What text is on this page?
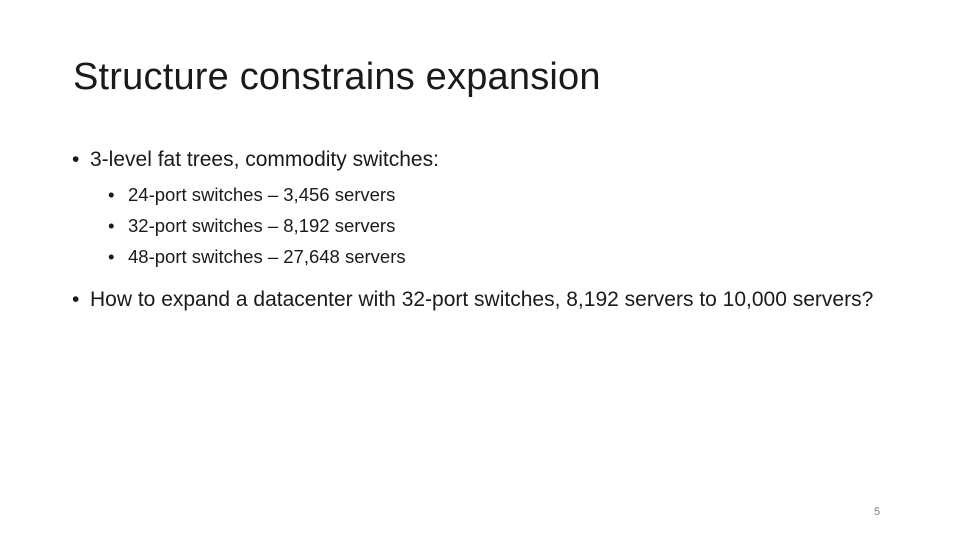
Structure constrains expansion

• 3-level fat trees, commodity switches:

• 24-port switches – 3,456 servers

• 32-port switches – 8,192 servers

• 48-port switches – 27,648 servers

• How to expand a datacenter with 32-port switches, 8,192 servers to 10,000 servers?

5
